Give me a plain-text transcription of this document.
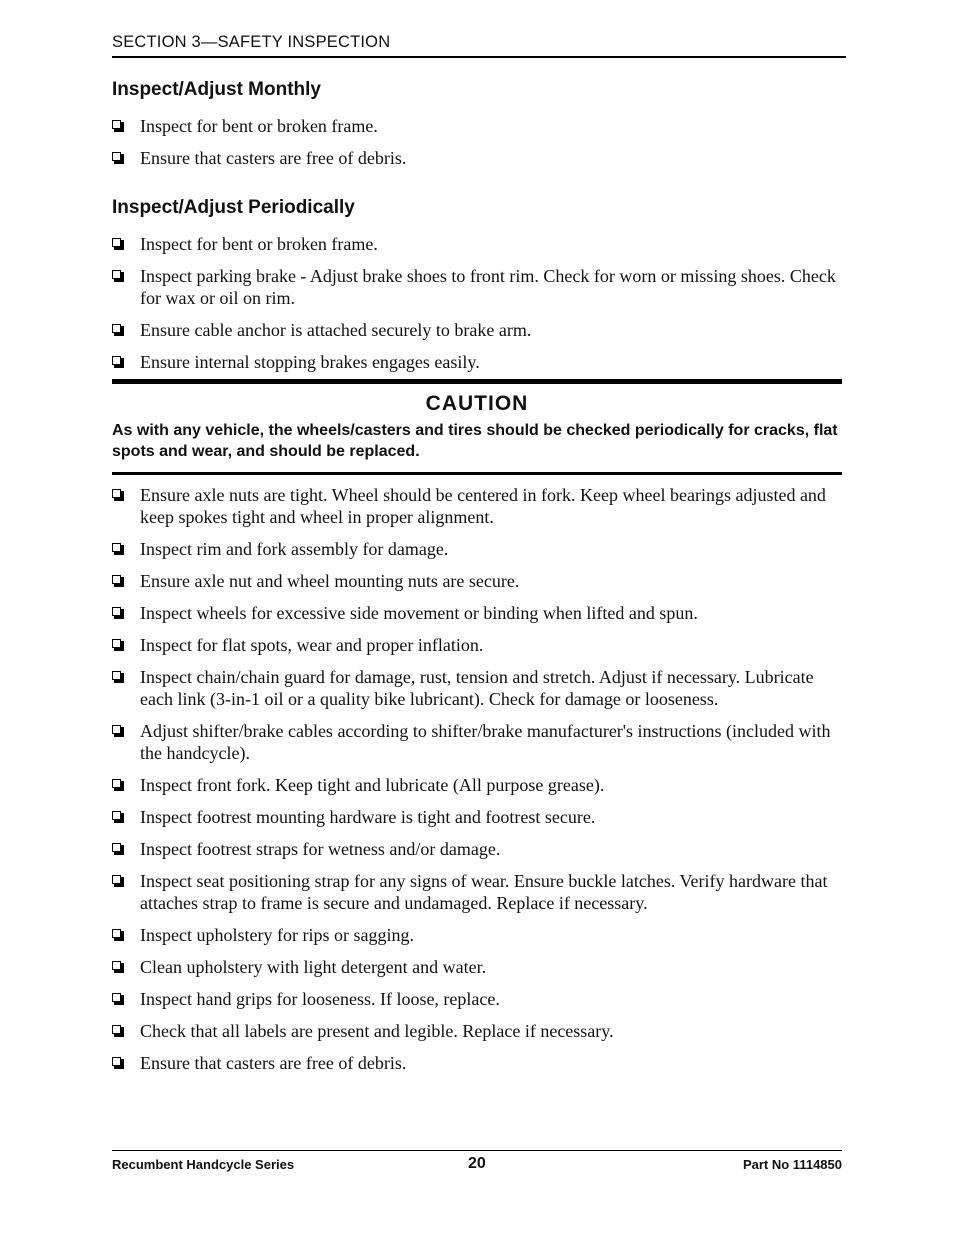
SECTION 3—SAFETY INSPECTION
Inspect/Adjust Monthly
Inspect for bent or broken frame.
Ensure that casters are free of debris.
Inspect/Adjust Periodically
Inspect for bent or broken frame.
Inspect parking brake - Adjust brake shoes to front rim. Check for worn or missing shoes. Check for wax or oil on rim.
Ensure cable anchor is attached securely to brake arm.
Ensure internal stopping brakes engages easily.
CAUTION
As with any vehicle, the wheels/casters and tires should be checked periodically for cracks, flat spots and wear, and should be replaced.
Ensure axle nuts are tight. Wheel should be centered in fork. Keep wheel bearings adjusted and keep spokes tight and wheel in proper alignment.
Inspect rim and fork assembly for damage.
Ensure axle nut and wheel mounting nuts are secure.
Inspect wheels for excessive side movement or binding when lifted and spun.
Inspect for flat spots, wear and proper inflation.
Inspect chain/chain guard for damage, rust, tension and stretch. Adjust if necessary. Lubricate each link (3-in-1 oil or a quality bike lubricant). Check for damage or looseness.
Adjust shifter/brake cables according to shifter/brake manufacturer's instructions (included with the handcycle).
Inspect front fork. Keep tight and lubricate (All purpose grease).
Inspect footrest mounting hardware is tight and footrest secure.
Inspect footrest straps for wetness and/or damage.
Inspect seat positioning strap for any signs of wear. Ensure buckle latches. Verify hardware that attaches strap to frame is secure and undamaged. Replace if necessary.
Inspect upholstery for rips or sagging.
Clean upholstery with light detergent and water.
Inspect hand grips for looseness. If loose, replace.
Check that all labels are present and legible. Replace if necessary.
Ensure that casters are free of debris.
Recumbent Handcycle Series	20	Part No 1114850
